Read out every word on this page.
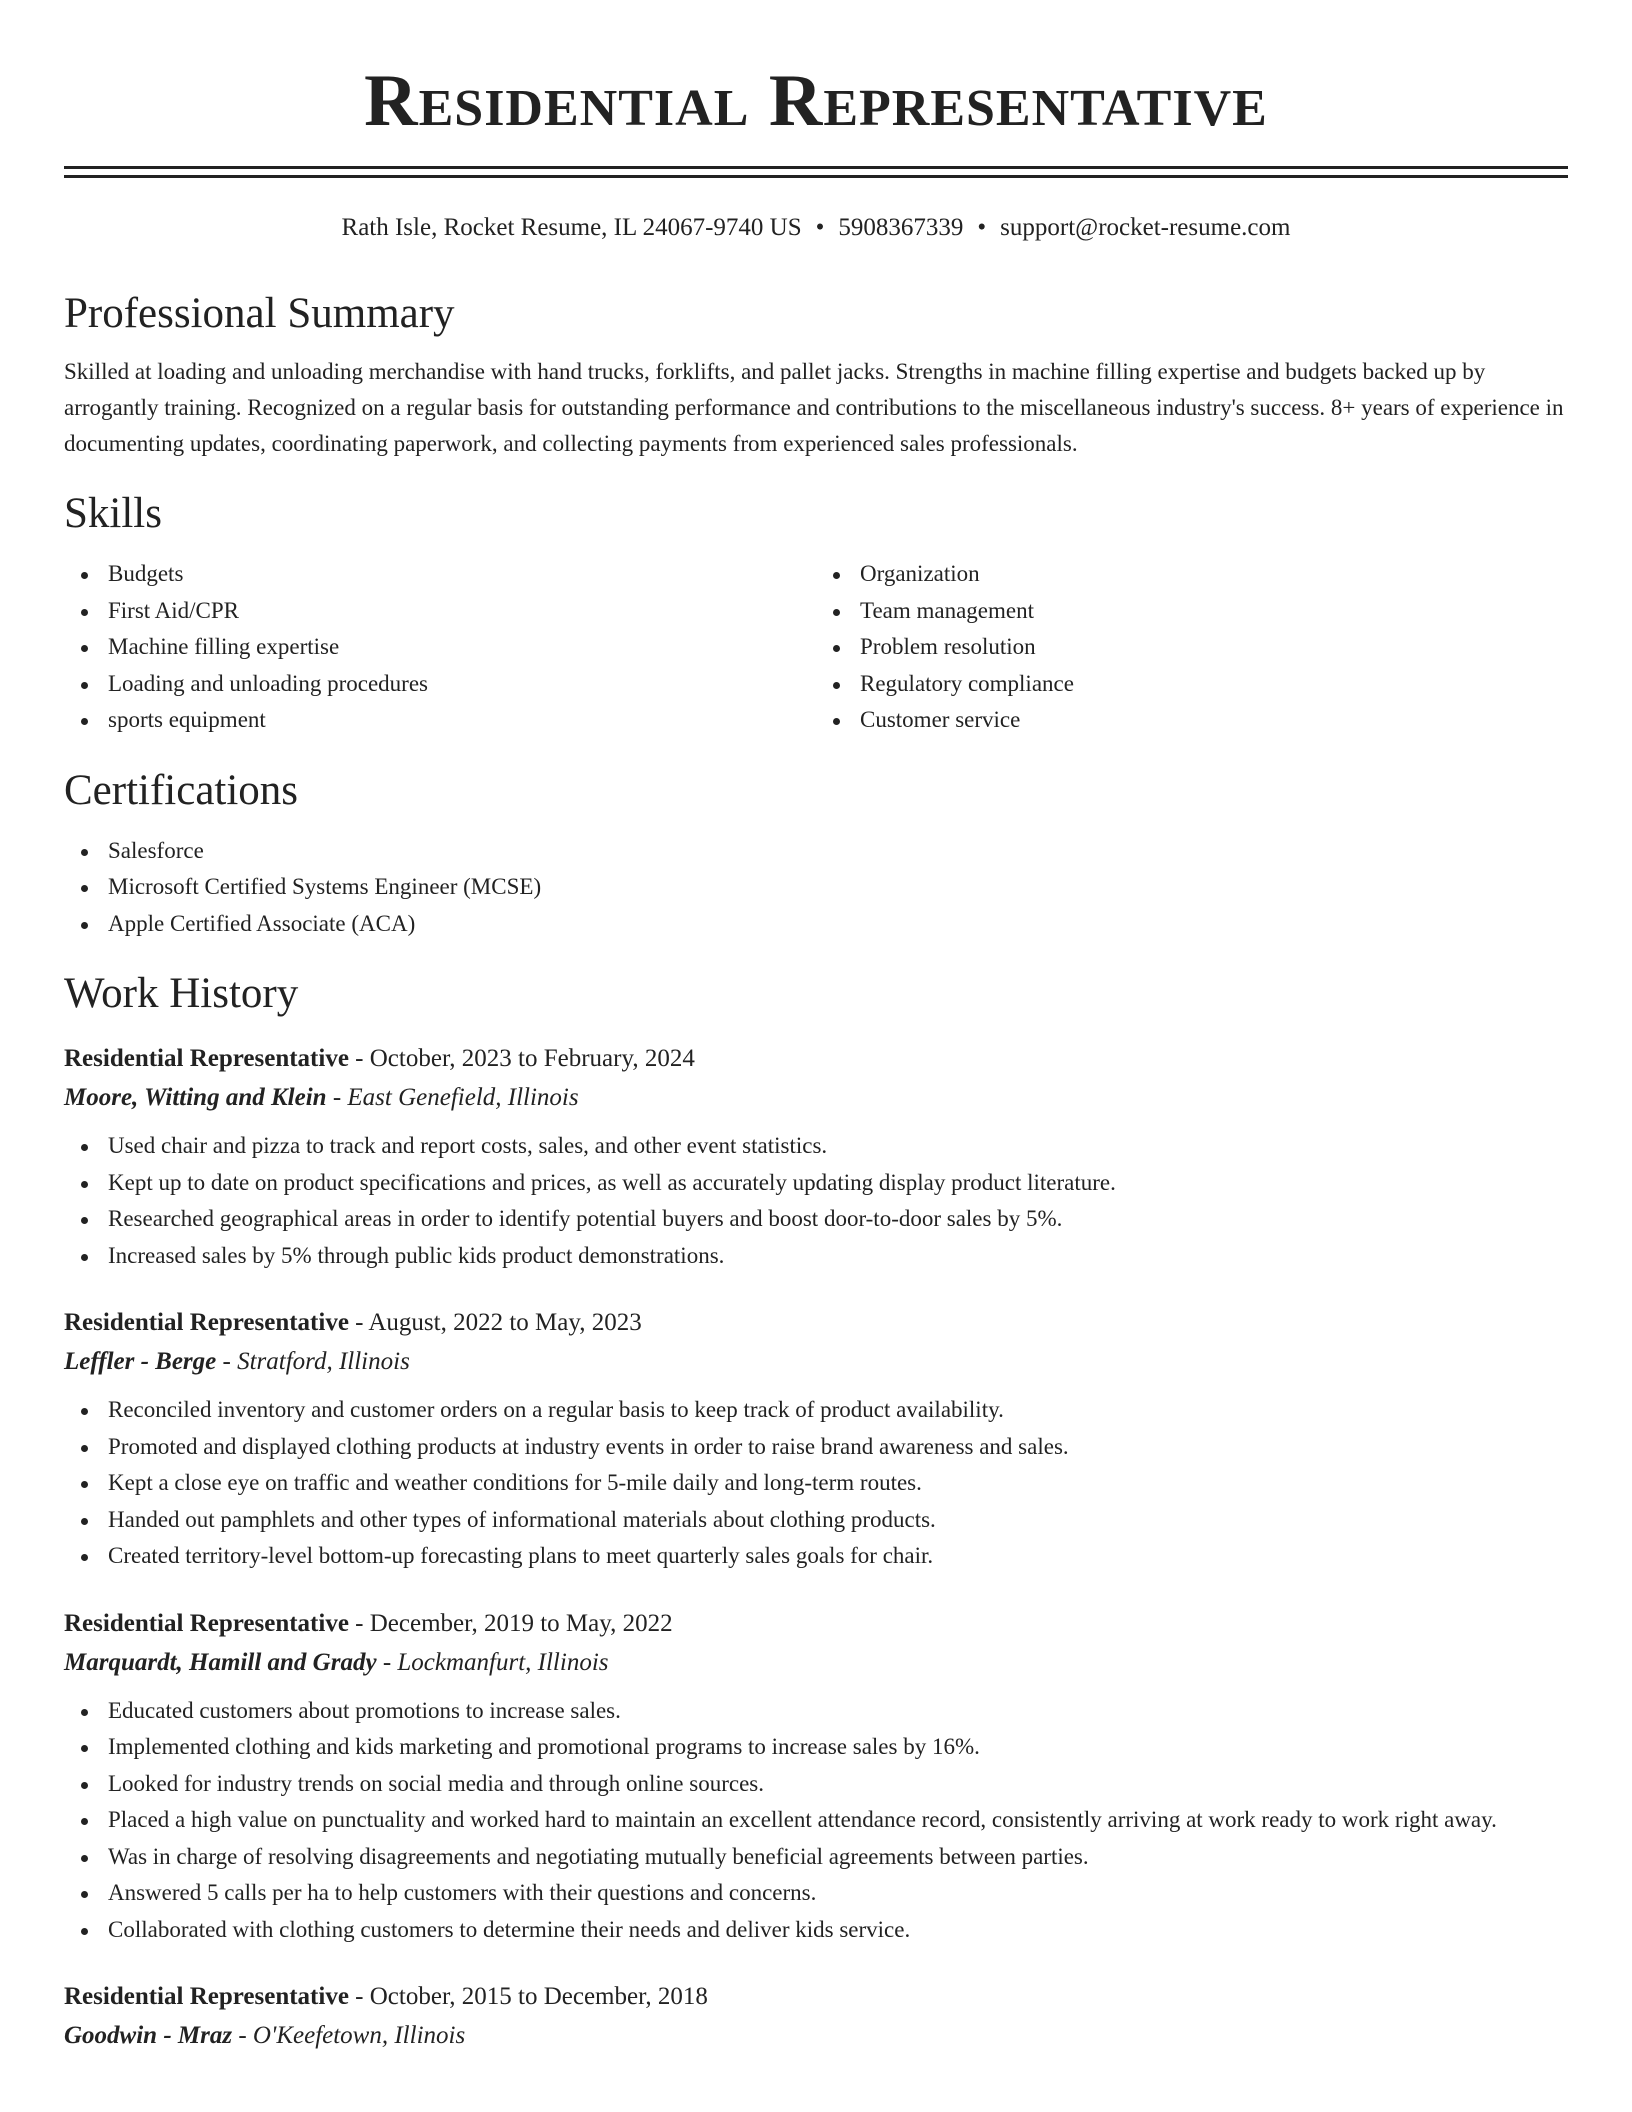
Residential Representative
Rath Isle, Rocket Resume, IL 24067-9740 US • 5908367339 • support@rocket-resume.com
Professional Summary

Skilled at loading and unloading merchandise with hand trucks, forklifts, and pallet jacks. Strengths in machine filling expertise and budgets backed up by arrogantly training. Recognized on a regular basis for outstanding performance and contributions to the miscellaneous industry's success. 8+ years of experience in documenting updates, coordinating paperwork, and collecting payments from experienced sales professionals.

Skills
Budgets
First Aid/CPR
Machine filling expertise
Loading and unloading procedures
sports equipment
Organization
Team management
Problem resolution
Regulatory compliance
Customer service
Certifications
Salesforce
Microsoft Certified Systems Engineer (MCSE)
Apple Certified Associate (ACA)
Work History
Residential Representative - October, 2023 to February, 2024
Moore, Witting and Klein - East Genefield, Illinois
Used chair and pizza to track and report costs, sales, and other event statistics.
Kept up to date on product specifications and prices, as well as accurately updating display product literature.
Researched geographical areas in order to identify potential buyers and boost door-to-door sales by 5%.
Increased sales by 5% through public kids product demonstrations.
Residential Representative - August, 2022 to May, 2023
Leffler - Berge - Stratford, Illinois
Reconciled inventory and customer orders on a regular basis to keep track of product availability.
Promoted and displayed clothing products at industry events in order to raise brand awareness and sales.
Kept a close eye on traffic and weather conditions for 5-mile daily and long-term routes.
Handed out pamphlets and other types of informational materials about clothing products.
Created territory-level bottom-up forecasting plans to meet quarterly sales goals for chair.
Residential Representative - December, 2019 to May, 2022
Marquardt, Hamill and Grady - Lockmanfurt, Illinois
Educated customers about promotions to increase sales.
Implemented clothing and kids marketing and promotional programs to increase sales by 16%.
Looked for industry trends on social media and through online sources.
Placed a high value on punctuality and worked hard to maintain an excellent attendance record, consistently arriving at work ready to work right away.
Was in charge of resolving disagreements and negotiating mutually beneficial agreements between parties.
Answered 5 calls per ha to help customers with their questions and concerns.
Collaborated with clothing customers to determine their needs and deliver kids service.
Residential Representative - October, 2015 to December, 2018
Goodwin - Mraz - O'Keefetown, Illinois
